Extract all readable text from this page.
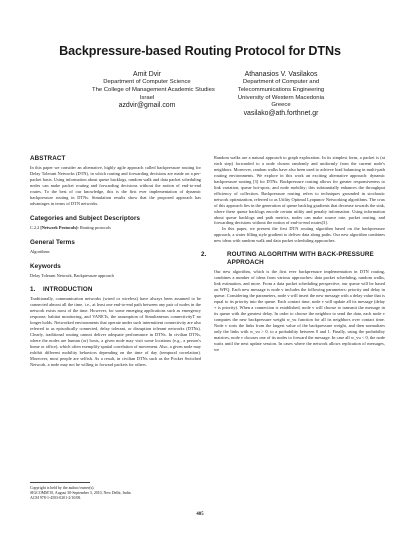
Backpressure-based Routing Protocol for DTNs
Amit Dvir
Department of Computer Science
The College of Management Academic Studies
Israel
azdvir@gmail.com
Athanasios V. Vasilakos
Department of Computer and
Telecommunications Engineering
University of Western Macedonia
Greece
vasilako@ath.forthnet.gr
ABSTRACT

In this paper we consider an alternative, highly agile approach called backpressure routing for Delay Tolerant Networks (DTN), in which routing and forwarding decisions are made on a per-packet basis. Using information about queue backlogs, random walk and data packet scheduling nodes can make packet routing and forwarding decisions without the notion of end-to-end routes. To the best of our knowledge, this is the first ever implementation of dynamic backpressure routing in DTNs. Simulation results show that the proposed approach has advantages in terms of DTN networks.

Categories and Subject Descriptors

C.2.2 [Network Protocols]: Routing protocols

General Terms

Algorithms

Keywords

Delay Tolerant Network, Backpressure approach

1. INTRODUCTION

Traditionally, communication networks (wired or wireless) have always been assumed to be connected almost all the time, i.e., at least one end-to-end path between any pair of nodes in the network exists most of the time. However, for some emerging applications such as emergency response, habitat monitoring, and VANETs, the assumption of Simultaneous connectivityT no longer holds. Networked environments that operate under such intermittent connectivity are also referred to as episodically connected, delay tolerant, or disruption tolerant networks (DTNs). Clearly, traditional routing cannot deliver adequate performance in DTNs. In civilian DTNs, where the nodes are human (or) hosts, a given node may visit some locations (e.g., a person's home or office), which often exemplify spatial correlation of movement. Also, a given node may exhibit different mobility behaviors depending on the time of day (temporal correlation). Moreover, most people are selfish. As a result, in civilian DTNs such as the Pocket Switched Network, a node may not be willing to forward packets for others.

Random walks are a natural approach to graph exploration. In its simplest form, a packet is (at each step) forwarded to a node chosen randomly and uniformly from the current node's neighbors. Moreover, random walks have also been used to achieve load balancing in multi-path routing environments. We explore in this work an exciting alternative approach: dynamic backpressure routing [3] for DTNs. Backpressure routing allows for greater responsiveness to link variation, queue hot-spots, and node mobility; this substantially enhances the throughput efficiency of collection. Backpressure routing refers to techniques grounded in stochastic network optimization, referred to as Utility Optimal Lyapunov Networking algorithms. The crux of this approach lies in the generation of queue backlog gradients that decrease towards the sink, where these queue backlogs encode certain utility and penalty information. Using information about queue backlogs and path metrics, nodes can make source rate, packet routing, and forwarding decisions without the notion of end-to-end routes[3].

In this paper, we present the first DTN routing algorithm based on the backpressure approach, a water filling style gradient to deliver data along paths. Our new algorithm combines new ideas with random walk and data packet scheduling approaches.

2.	ROUTING ALGORITHM WITH BACK-PRESSURE APPROACH

Our new algorithm, which is the first ever backpressure implementation in DTN routing, combines a number of ideas from various approaches: data packet scheduling, random walks, link estimation, and more. From a data packet scheduling perspective, our queue will be based on WFQ. Each new message is node v includes the following parameters: priority and delay in queue. Considering the parameters, node v will insert the new message with a delay value that is equal to its priority into the queue. Each contact time, node v will update all its message (delay + is priority). When a connection is established, node v will choose to transmit the message in its queue with the greatest delay. In order to choose the neighbor to send the data, each node v computes the new backpressure weight w_vu function for all its neighbors over contact time. Node v sorts the links from the largest value of the backpressure weight, and then normalizes only the links with w_vu > 0, to a probability between 0 and 1. Finally, using the probability matrices, node v chooses one of its nodes to forward the message. In case all w_vu < 0, the node waits until the next update session. In cases where the network allows replication of messages, we

Copyright is held by the author/owner(s).
SIGCOMM'10, August 30-September 3, 2010, New Delhi, India.
ACM 978-1-4503-0201-2/10/08.
405
